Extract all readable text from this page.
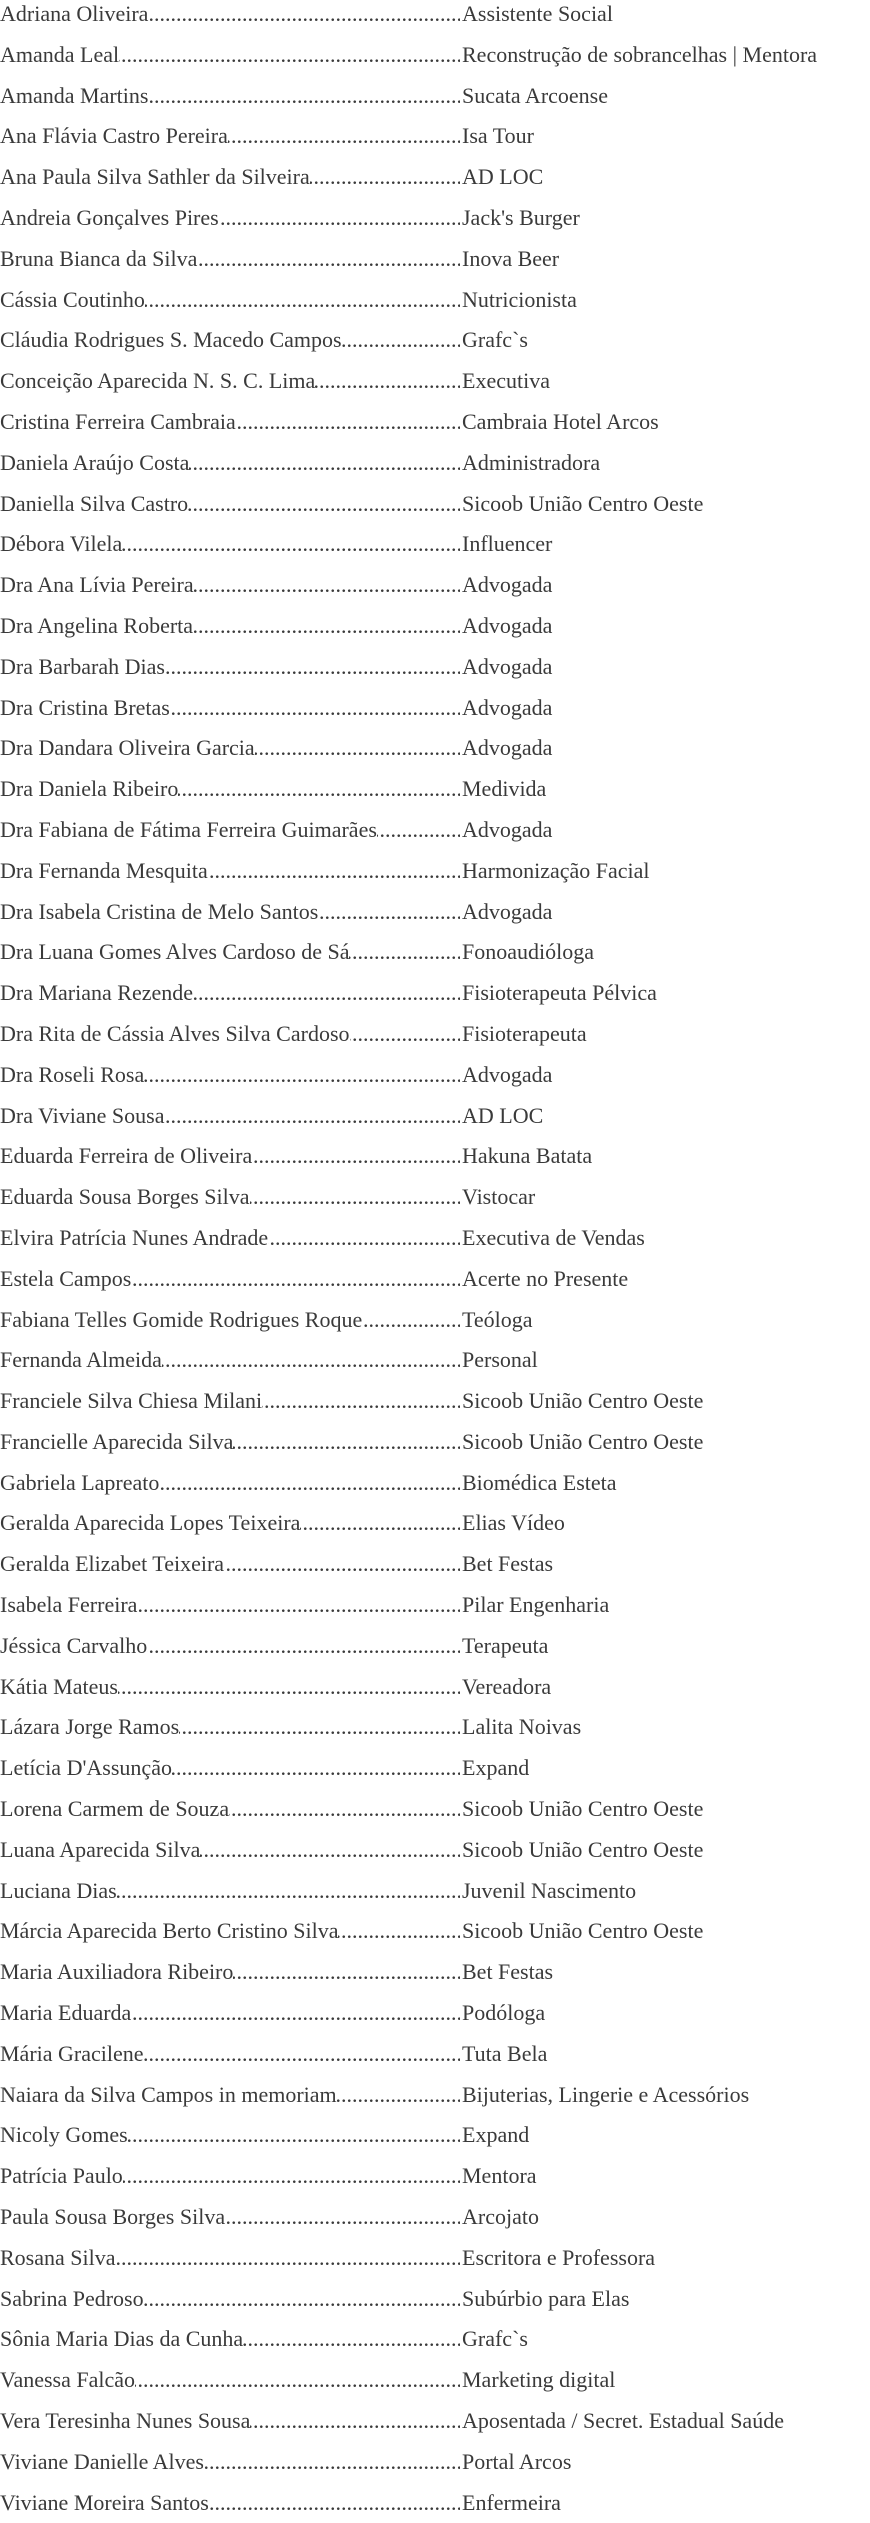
Adriana Oliveira .....	Assistente Social
Amanda Leal .....	Reconstrução de sobrancelhas | Mentora
Amanda Martins .....	Sucata Arcoense
Ana Flávia Castro Pereira .....	Isa Tour
Ana Paula Silva Sathler da Silveira .....	AD LOC
Andreia Gonçalves Pires .....	Jack's Burger
Bruna Bianca da Silva .....	Inova Beer
Cássia Coutinho .....	Nutricionista
Cláudia Rodrigues S. Macedo Campos .....	Grafc`s
Conceição Aparecida N. S. C. Lima .....	Executiva
Cristina Ferreira Cambraia .....	Cambraia Hotel Arcos
Daniela Araújo Costa .....	Administradora
Daniella Silva Castro .....	Sicoob União Centro Oeste
Débora Vilela .....	Influencer
Dra Ana Lívia Pereira .....	Advogada
Dra Angelina Roberta .....	Advogada
Dra Barbarah Dias .....	Advogada
Dra Cristina Bretas .....	Advogada
Dra Dandara Oliveira Garcia .....	Advogada
Dra Daniela Ribeiro .....	Medivida
Dra Fabiana de Fátima Ferreira Guimarães .....	Advogada
Dra Fernanda Mesquita .....	Harmonização Facial
Dra Isabela Cristina de Melo Santos .....	Advogada
Dra Luana Gomes Alves Cardoso de Sá .....	Fonoaudióloga
Dra Mariana Rezende .....	Fisioterapeuta Pélvica
Dra Rita de Cássia Alves Silva Cardoso .....	Fisioterapeuta
Dra Roseli Rosa .....	Advogada
Dra Viviane Sousa .....	AD LOC
Eduarda Ferreira de Oliveira .....	Hakuna Batata
Eduarda Sousa Borges Silva .....	Vistocar
Elvira Patrícia Nunes Andrade .....	Executiva de Vendas
Estela Campos .....	Acerte no Presente
Fabiana Telles Gomide Rodrigues Roque .....	Teóloga
Fernanda Almeida .....	Personal
Franciele Silva Chiesa Milani .....	Sicoob União Centro Oeste
Francielle Aparecida Silva .....	Sicoob União Centro Oeste
Gabriela Lapreato .....	Biomédica Esteta
Geralda Aparecida Lopes Teixeira .....	Elias Vídeo
Geralda Elizabet Teixeira .....	Bet Festas
Isabela Ferreira .....	Pilar Engenharia
Jéssica Carvalho .....	Terapeuta
Kátia Mateus .....	Vereadora
Lázara Jorge Ramos .....	Lalita Noivas
Letícia D'Assunção .....	Expand
Lorena Carmem de Souza .....	Sicoob União Centro Oeste
Luana Aparecida Silva .....	Sicoob União Centro Oeste
Luciana Dias .....	Juvenil Nascimento
Márcia Aparecida Berto Cristino Silva .....	Sicoob União Centro Oeste
Maria Auxiliadora Ribeiro .....	Bet Festas
Maria Eduarda .....	Podóloga
Mária Gracilene .....	Tuta Bela
Naiara da Silva Campos in memoriam .....	Bijuterias, Lingerie e Acessórios
Nicoly Gomes .....	Expand
Patrícia Paulo .....	Mentora
Paula Sousa Borges Silva .....	Arcojato
Rosana Silva .....	Escritora e Professora
Sabrina Pedroso .....	Subúrbio para Elas
Sônia Maria Dias da Cunha .....	Grafc`s
Vanessa Falcão .....	Marketing digital
Vera Teresinha Nunes Sousa .....	Aposentada / Secret. Estadual Saúde
Viviane Danielle Alves .....	Portal Arcos
Viviane Moreira Santos .....	Enfermeira
